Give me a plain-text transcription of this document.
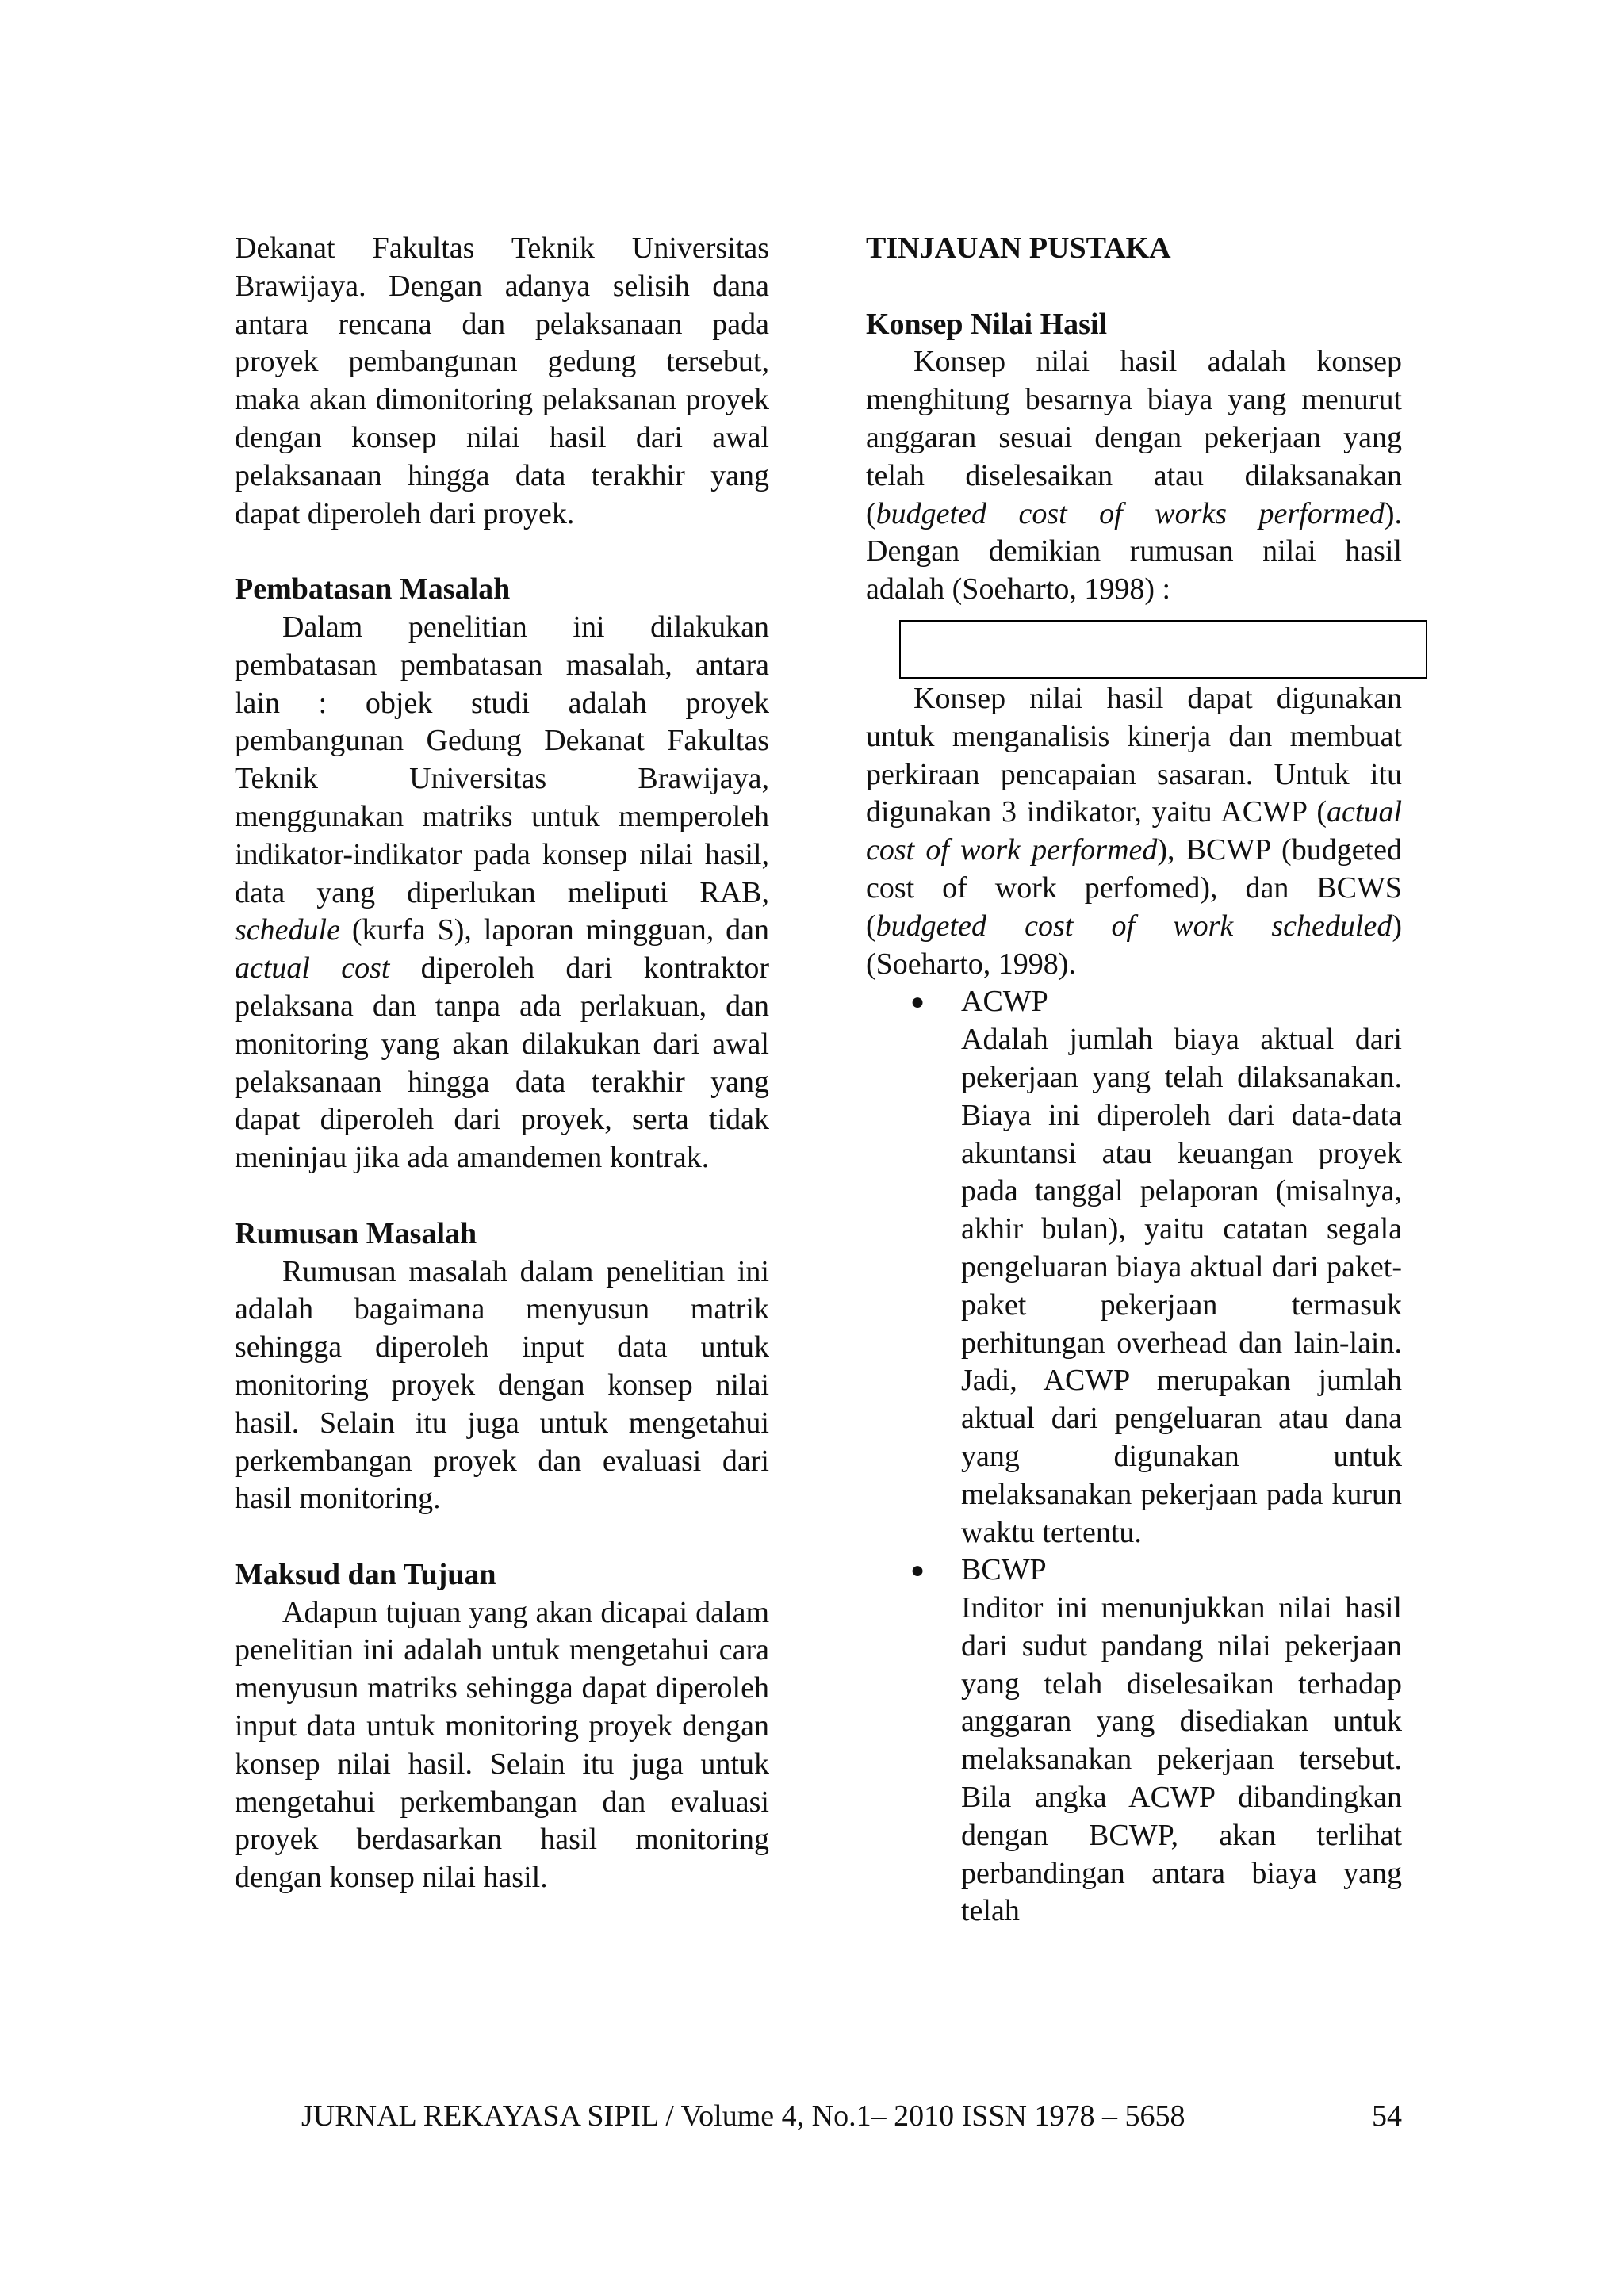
Dekanat Fakultas Teknik Universitas Brawijaya. Dengan adanya selisih dana antara rencana dan pelaksanaan pada proyek pembangunan gedung tersebut, maka akan dimonitoring pelaksanan proyek dengan konsep nilai hasil dari awal pelaksanaan hingga data terakhir yang dapat diperoleh dari proyek.

Pembatasan Masalah

Dalam penelitian ini dilakukan pembatasan pembatasan masalah, antara lain : objek studi adalah proyek pembangunan Gedung Dekanat Fakultas Teknik Universitas Brawijaya, menggunakan matriks untuk memperoleh indikator-indikator pada konsep nilai hasil, data yang diperlukan meliputi RAB, schedule (kurfa S), laporan mingguan, dan actual cost diperoleh dari kontraktor pelaksana dan tanpa ada perlakuan, dan monitoring yang akan dilakukan dari awal pelaksanaan hingga data terakhir yang dapat diperoleh dari proyek, serta tidak meninjau jika ada amandemen kontrak.

Rumusan Masalah

Rumusan masalah dalam penelitian ini adalah bagaimana menyusun matrik sehingga diperoleh input data untuk monitoring proyek dengan konsep nilai hasil. Selain itu juga untuk mengetahui perkembangan proyek dan evaluasi dari hasil monitoring.

Maksud dan Tujuan

Adapun tujuan yang akan dicapai dalam penelitian ini adalah untuk mengetahui cara menyusun matriks sehingga dapat diperoleh input data untuk monitoring proyek dengan konsep nilai hasil. Selain itu juga untuk mengetahui perkembangan dan evaluasi proyek berdasarkan hasil monitoring dengan konsep nilai hasil.

TINJAUAN PUSTAKA
Konsep Nilai Hasil

Konsep nilai hasil adalah konsep menghitung besarnya biaya yang menurut anggaran sesuai dengan pekerjaan yang telah diselesaikan atau dilaksanakan (budgeted cost of works performed). Dengan demikian rumusan nilai hasil adalah (Soeharto, 1998) :

Konsep nilai hasil dapat digunakan untuk menganalisis kinerja dan membuat perkiraan pencapaian sasaran. Untuk itu digunakan 3 indikator, yaitu ACWP (actual cost of work performed), BCWP (budgeted cost of work perfomed), dan BCWS (budgeted cost of work scheduled) (Soeharto, 1998).

● ACWP

Adalah jumlah biaya aktual dari pekerjaan yang telah dilaksanakan. Biaya ini diperoleh dari data-data akuntansi atau keuangan proyek pada tanggal pelaporan (misalnya, akhir bulan), yaitu catatan segala pengeluaran biaya aktual dari paket-paket pekerjaan termasuk perhitungan overhead dan lain-lain. Jadi, ACWP merupakan jumlah aktual dari pengeluaran atau dana yang digunakan untuk melaksanakan pekerjaan pada kurun waktu tertentu.

● BCWP

Inditor ini menunjukkan nilai hasil dari sudut pandang nilai pekerjaan yang telah diselesaikan terhadap anggaran yang disediakan untuk melaksanakan pekerjaan tersebut. Bila angka ACWP dibandingkan dengan BCWP, akan terlihat perbandingan antara biaya yang telah

JURNAL REKAYASA SIPIL / Volume 4, No.1– 2010 ISSN 1978 – 5658	54
